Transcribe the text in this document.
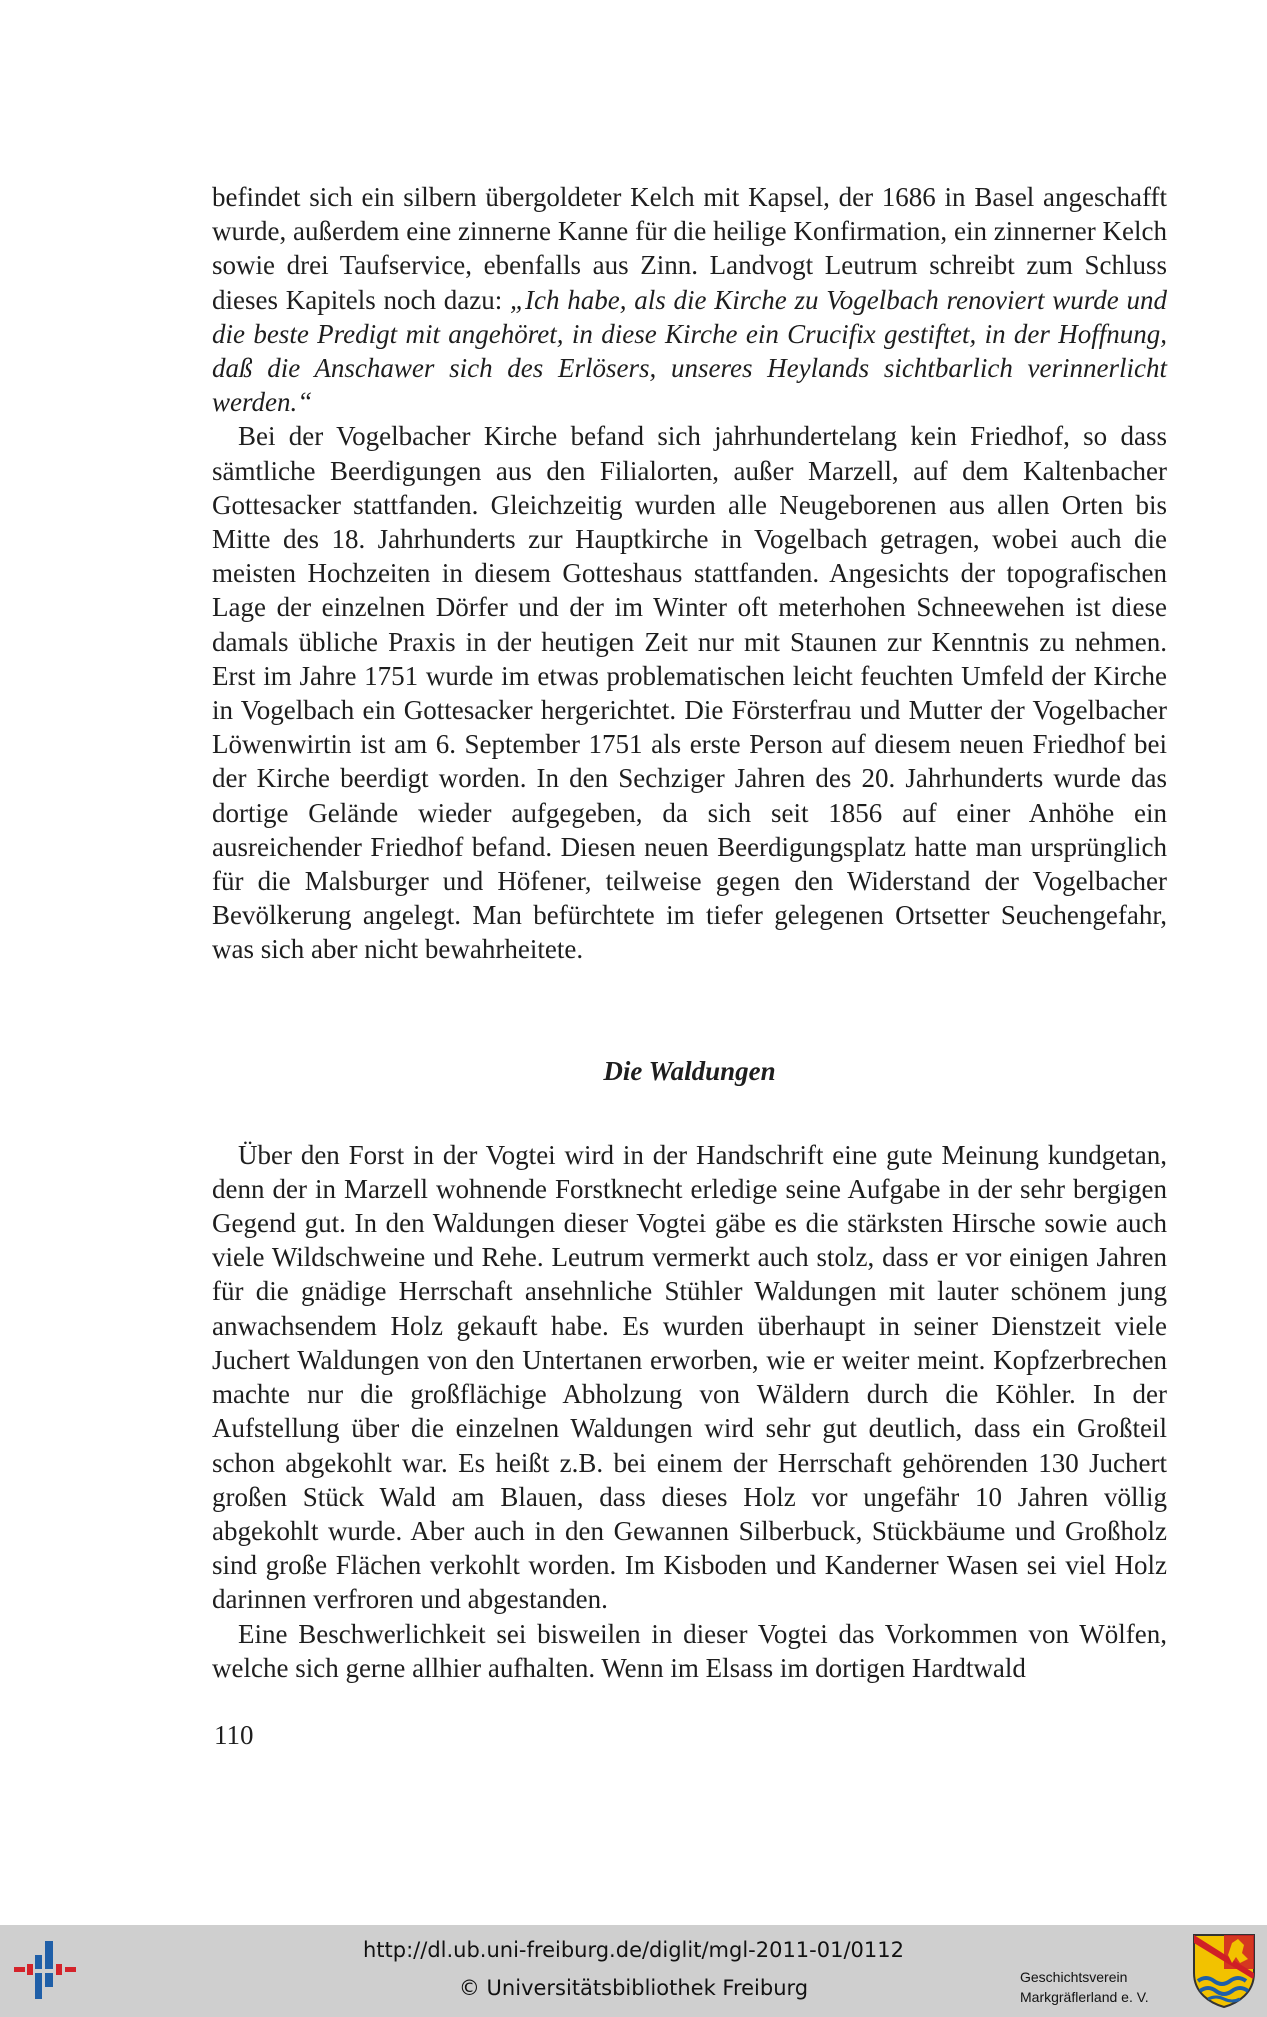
befindet sich ein silbern übergoldeter Kelch mit Kapsel, der 1686 in Basel angeschafft wurde, außerdem eine zinnerne Kanne für die heilige Konfirmation, ein zinnerner Kelch sowie drei Taufservice, ebenfalls aus Zinn. Landvogt Leutrum schreibt zum Schluss dieses Kapitels noch dazu: „Ich habe, als die Kirche zu Vogelbach renoviert wurde und die beste Predigt mit angehöret, in diese Kirche ein Crucifix gestiftet, in der Hoffnung, daß die Anschawer sich des Erlösers, unseres Heylands sichtbarlich verinnerlicht werden.“

Bei der Vogelbacher Kirche befand sich jahrhundertelang kein Friedhof, so dass sämtliche Beerdigungen aus den Filialorten, außer Marzell, auf dem Kaltenbacher Gottesacker stattfanden. Gleichzeitig wurden alle Neugeborenen aus allen Orten bis Mitte des 18. Jahrhunderts zur Hauptkirche in Vogelbach getragen, wobei auch die meisten Hochzeiten in diesem Gotteshaus stattfanden. Angesichts der topografischen Lage der einzelnen Dörfer und der im Winter oft meterhohen Schneewehen ist diese damals übliche Praxis in der heutigen Zeit nur mit Staunen zur Kenntnis zu nehmen. Erst im Jahre 1751 wurde im etwas problematischen leicht feuchten Umfeld der Kirche in Vogelbach ein Gottesacker hergerichtet. Die Försterfrau und Mutter der Vogelbacher Löwenwirtin ist am 6. September 1751 als erste Person auf diesem neuen Friedhof bei der Kirche beerdigt worden. In den Sechziger Jahren des 20. Jahrhunderts wurde das dortige Gelände wieder aufgegeben, da sich seit 1856 auf einer Anhöhe ein ausreichender Friedhof befand. Diesen neuen Beerdigungsplatz hatte man ursprünglich für die Malsburger und Höfener, teilweise gegen den Widerstand der Vogelbacher Bevölkerung angelegt. Man befürchtete im tiefer gelegenen Ortsetter Seuchengefahr, was sich aber nicht bewahrheitete.

Die Waldungen

Über den Forst in der Vogtei wird in der Handschrift eine gute Meinung kundgetan, denn der in Marzell wohnende Forstknecht erledige seine Aufgabe in der sehr bergigen Gegend gut. In den Waldungen dieser Vogtei gäbe es die stärksten Hirsche sowie auch viele Wildschweine und Rehe. Leutrum vermerkt auch stolz, dass er vor einigen Jahren für die gnädige Herrschaft ansehnliche Stühler Waldungen mit lauter schönem jung anwachsendem Holz gekauft habe. Es wurden überhaupt in seiner Dienstzeit viele Juchert Waldungen von den Untertanen erworben, wie er weiter meint. Kopfzerbrechen machte nur die großflächige Abholzung von Wäldern durch die Köhler. In der Aufstellung über die einzelnen Waldungen wird sehr gut deutlich, dass ein Großteil schon abgekohlt war. Es heißt z.B. bei einem der Herrschaft gehörenden 130 Juchert großen Stück Wald am Blauen, dass dieses Holz vor ungefähr 10 Jahren völlig abgekohlt wurde. Aber auch in den Gewannen Silberbuck, Stückbäume und Großholz sind große Flächen verkohlt worden. Im Kisboden und Kanderner Wasen sei viel Holz darinnen verfroren und abgestanden.

Eine Beschwerlichkeit sei bisweilen in dieser Vogtei das Vorkommen von Wölfen, welche sich gerne allhier aufhalten. Wenn im Elsass im dortigen Hardtwald

110
http://dl.ub.uni-freiburg.de/diglit/mgl-2011-01/0112
© Universitätsbibliothek Freiburg	Geschichtsverein
Markgräflerland e. V.
